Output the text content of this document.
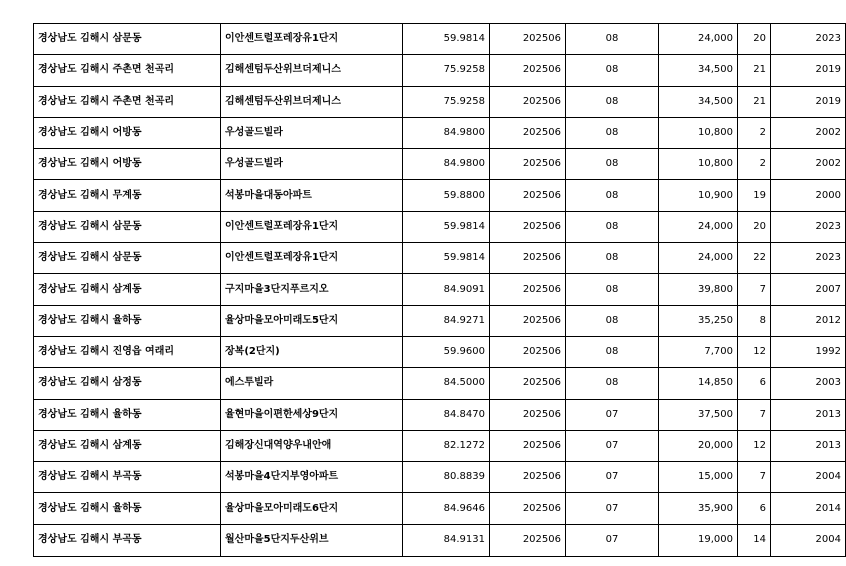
경상남도 김해시 삼문동	이안센트럴포레장유1단지	59.9814	202506	08	24,000	20	2023
경상남도 김해시 주촌면 천곡리	김해센텀두산위브더제니스	75.9258	202506	08	34,500	21	2019
경상남도 김해시 주촌면 천곡리	김해센텀두산위브더제니스	75.9258	202506	08	34,500	21	2019
경상남도 김해시 어방동	우성골드빌라	84.9800	202506	08	10,800	2	2002
경상남도 김해시 어방동	우성골드빌라	84.9800	202506	08	10,800	2	2002
경상남도 김해시 무계동	석봉마을대동아파트	59.8800	202506	08	10,900	19	2000
경상남도 김해시 삼문동	이안센트럴포레장유1단지	59.9814	202506	08	24,000	20	2023
경상남도 김해시 삼문동	이안센트럴포레장유1단지	59.9814	202506	08	24,000	22	2023
경상남도 김해시 삼계동	구지마을3단지푸르지오	84.9091	202506	08	39,800	7	2007
경상남도 김해시 율하동	율상마을모아미래도5단지	84.9271	202506	08	35,250	8	2012
경상남도 김해시 진영읍 여래리	장복(2단지)	59.9600	202506	08	7,700	12	1992
경상남도 김해시 삼정동	에스투빌라	84.5000	202506	08	14,850	6	2003
경상남도 김해시 율하동	율현마을이편한세상9단지	84.8470	202506	07	37,500	7	2013
경상남도 김해시 삼계동	김해장신대역양우내안애	82.1272	202506	07	20,000	12	2013
경상남도 김해시 부곡동	석봉마을4단지부영아파트	80.8839	202506	07	15,000	7	2004
경상남도 김해시 율하동	율상마을모아미래도6단지	84.9646	202506	07	35,900	6	2014
경상남도 김해시 부곡동	월산마을5단지두산위브	84.9131	202506	07	19,000	14	2004
